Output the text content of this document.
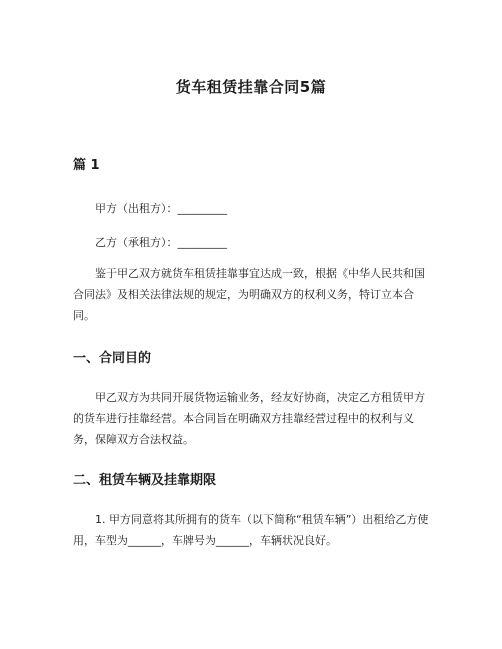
货车租赁挂靠合同5篇
篇 1

甲方（出租方）：_________

乙方（承租方）：_________

鉴于甲乙双方就货车租赁挂靠事宜达成一致，根据《中华人民共和国合同法》及相关法律法规的规定，为明确双方的权利义务，特订立本合同。

一、合同目的

甲乙双方为共同开展货物运输业务，经友好协商，决定乙方租赁甲方的货车进行挂靠经营。本合同旨在明确双方挂靠经营过程中的权利与义务，保障双方合法权益。

二、租赁车辆及挂靠期限

1. 甲方同意将其所拥有的货车（以下简称“租赁车辆”）出租给乙方使用，车型为______，车牌号为______，车辆状况良好。
